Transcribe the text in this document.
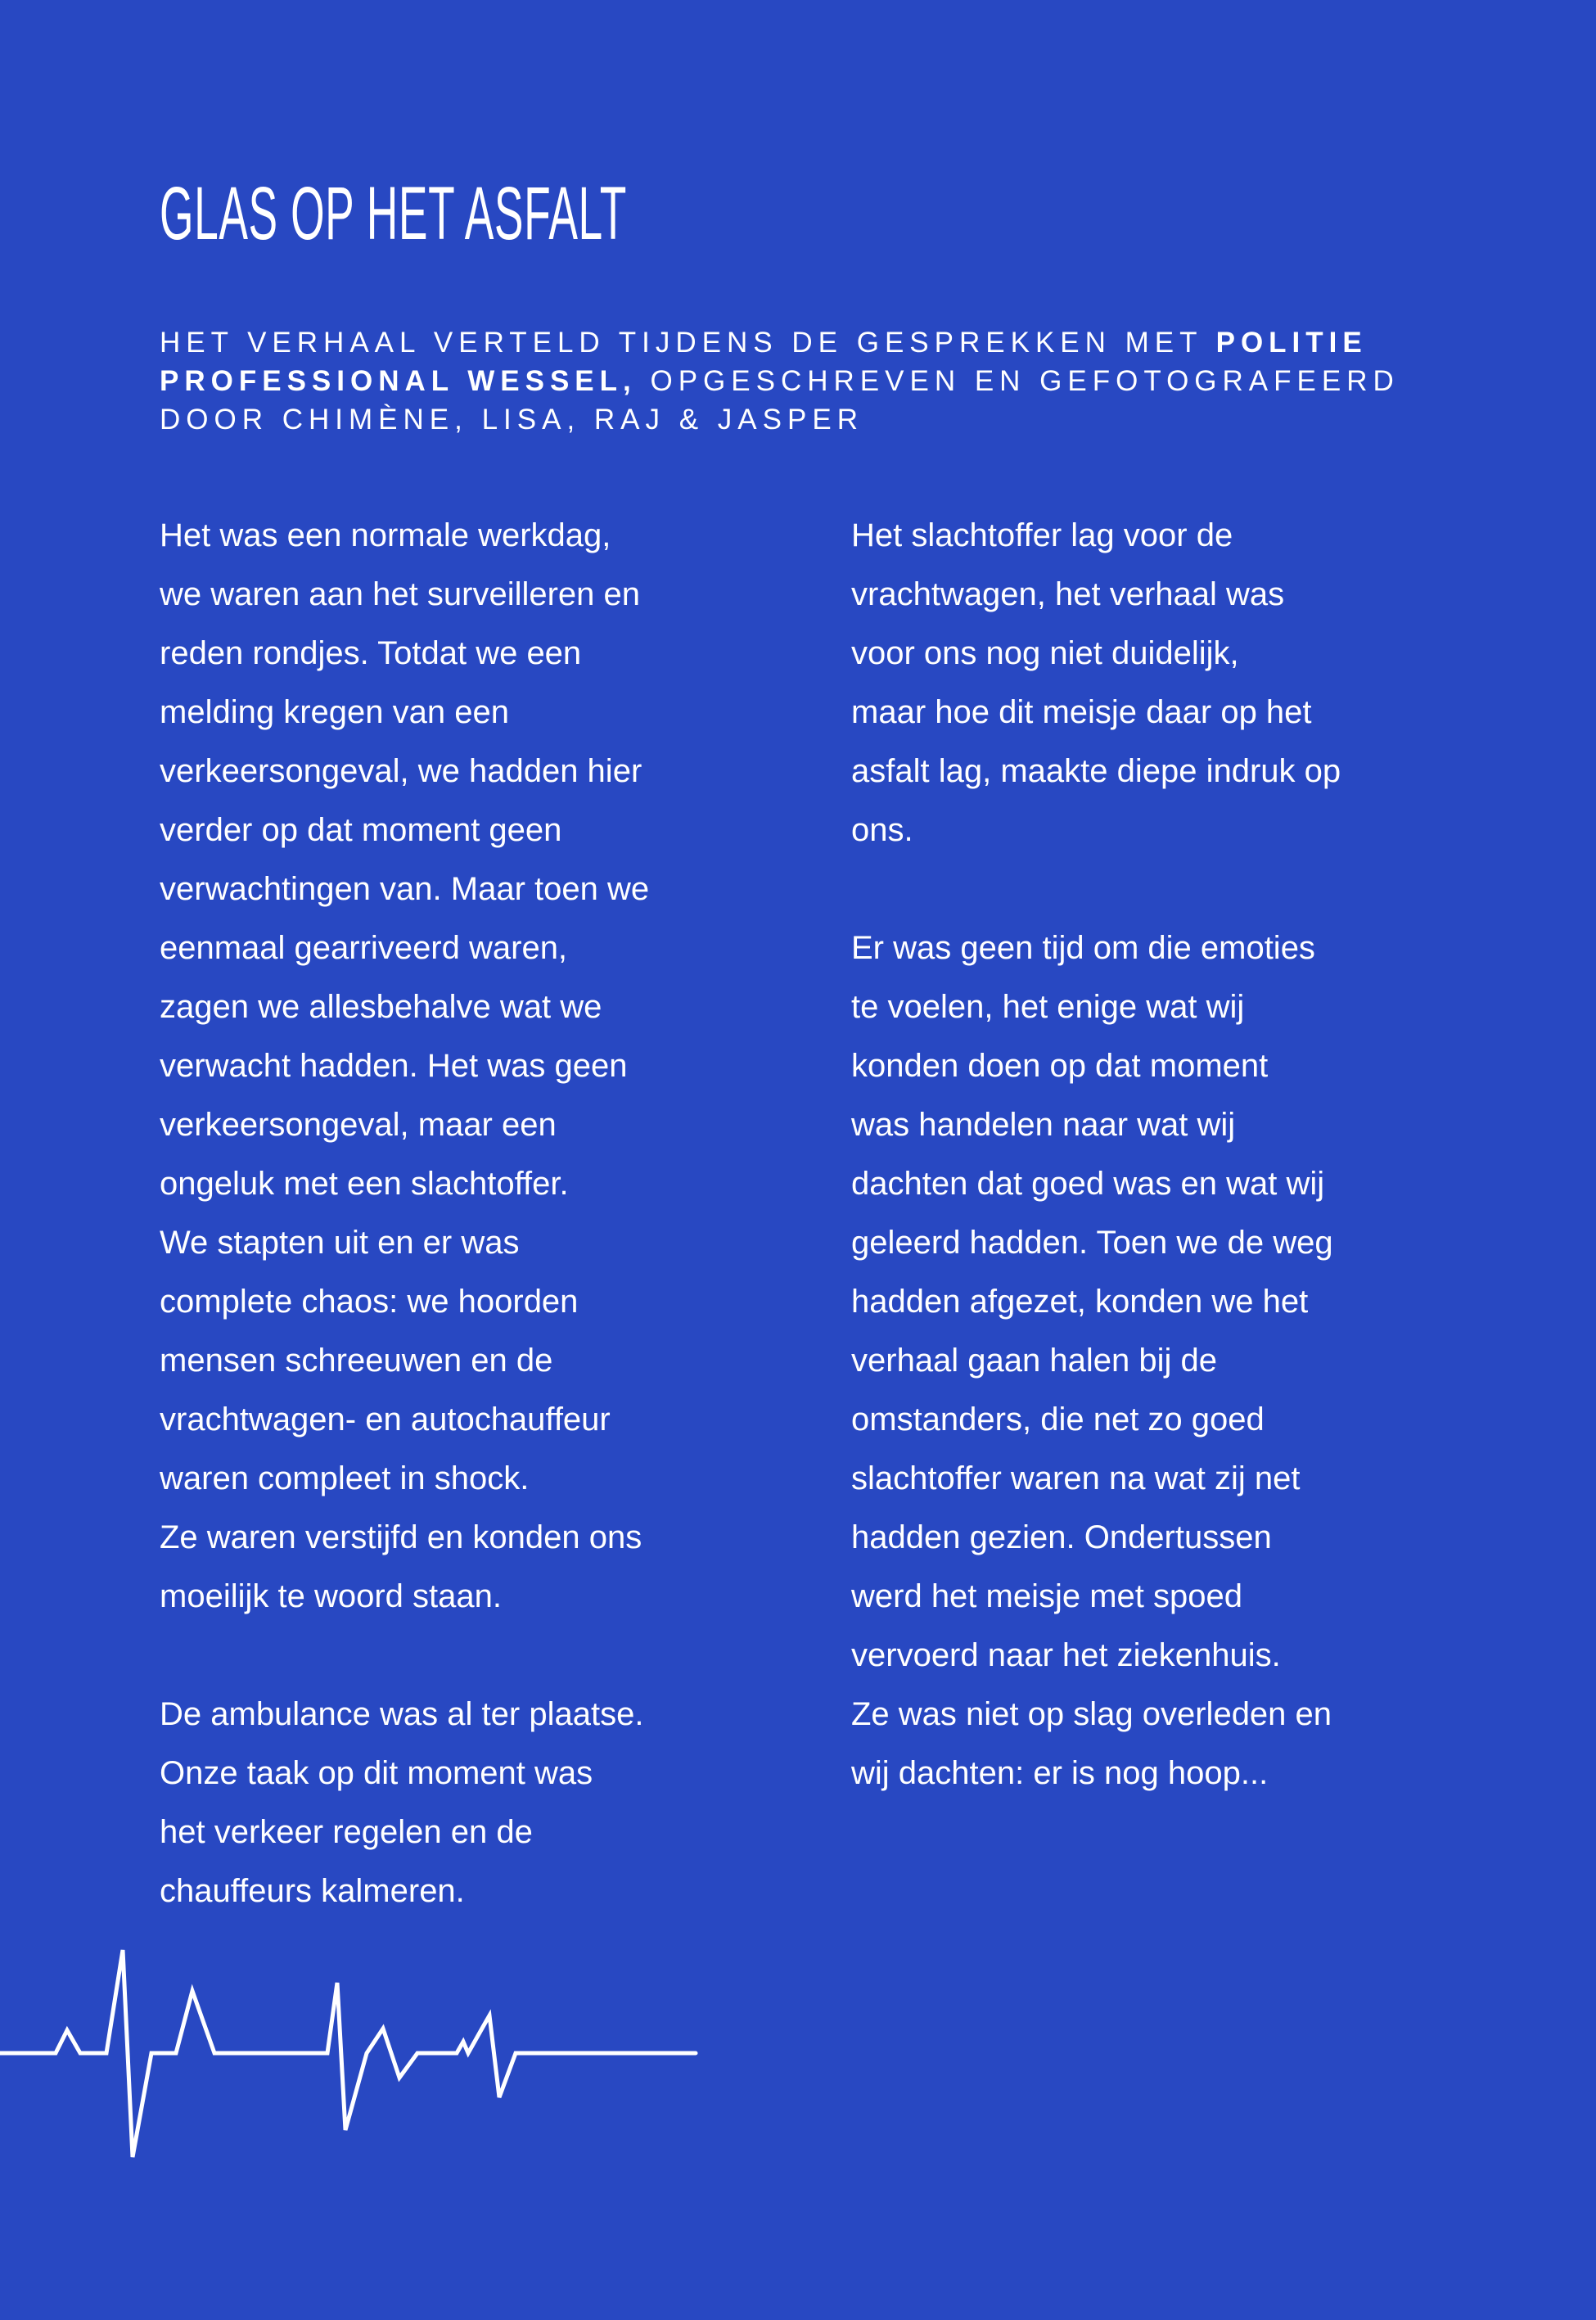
GLAS OP HET ASFALT

HET VERHAAL VERTELD TIJDENS DE GESPREKKEN MET POLITIE PROFESSIONAL WESSEL, OPGESCHREVEN EN GEFOTOGRAFEERD DOOR CHIMÈNE, LISA, RAJ & JASPER

Het was een normale werkdag,
we waren aan het surveilleren en
reden rondjes. Totdat we een
melding kregen van een
verkeersongeval, we hadden hier
verder op dat moment geen
verwachtingen van. Maar toen we
eenmaal gearriveerd waren,
zagen we allesbehalve wat we
verwacht hadden. Het was geen
verkeersongeval, maar een
ongeluk met een slachtoffer.
We stapten uit en er was
complete chaos: we hoorden
mensen schreeuwen en de
vrachtwagen- en autochauffeur
waren compleet in shock.
Ze waren verstijfd en konden ons
moeilijk te woord staan.
De ambulance was al ter plaatse.
Onze taak op dit moment was
het verkeer regelen en de
chauffeurs kalmeren.
Het slachtoffer lag voor de
vrachtwagen, het verhaal was
voor ons nog niet duidelijk,
maar hoe dit meisje daar op het
asfalt lag, maakte diepe indruk op
ons.
Er was geen tijd om die emoties
te voelen, het enige wat wij
konden doen op dat moment
was handelen naar wat wij
dachten dat goed was en wat wij
geleerd hadden. Toen we de weg
hadden afgezet, konden we het
verhaal gaan halen bij de
omstanders, die net zo goed
slachtoffer waren na wat zij net
hadden gezien. Ondertussen
werd het meisje met spoed
vervoerd naar het ziekenhuis.
Ze was niet op slag overleden en
wij dachten: er is nog hoop...
